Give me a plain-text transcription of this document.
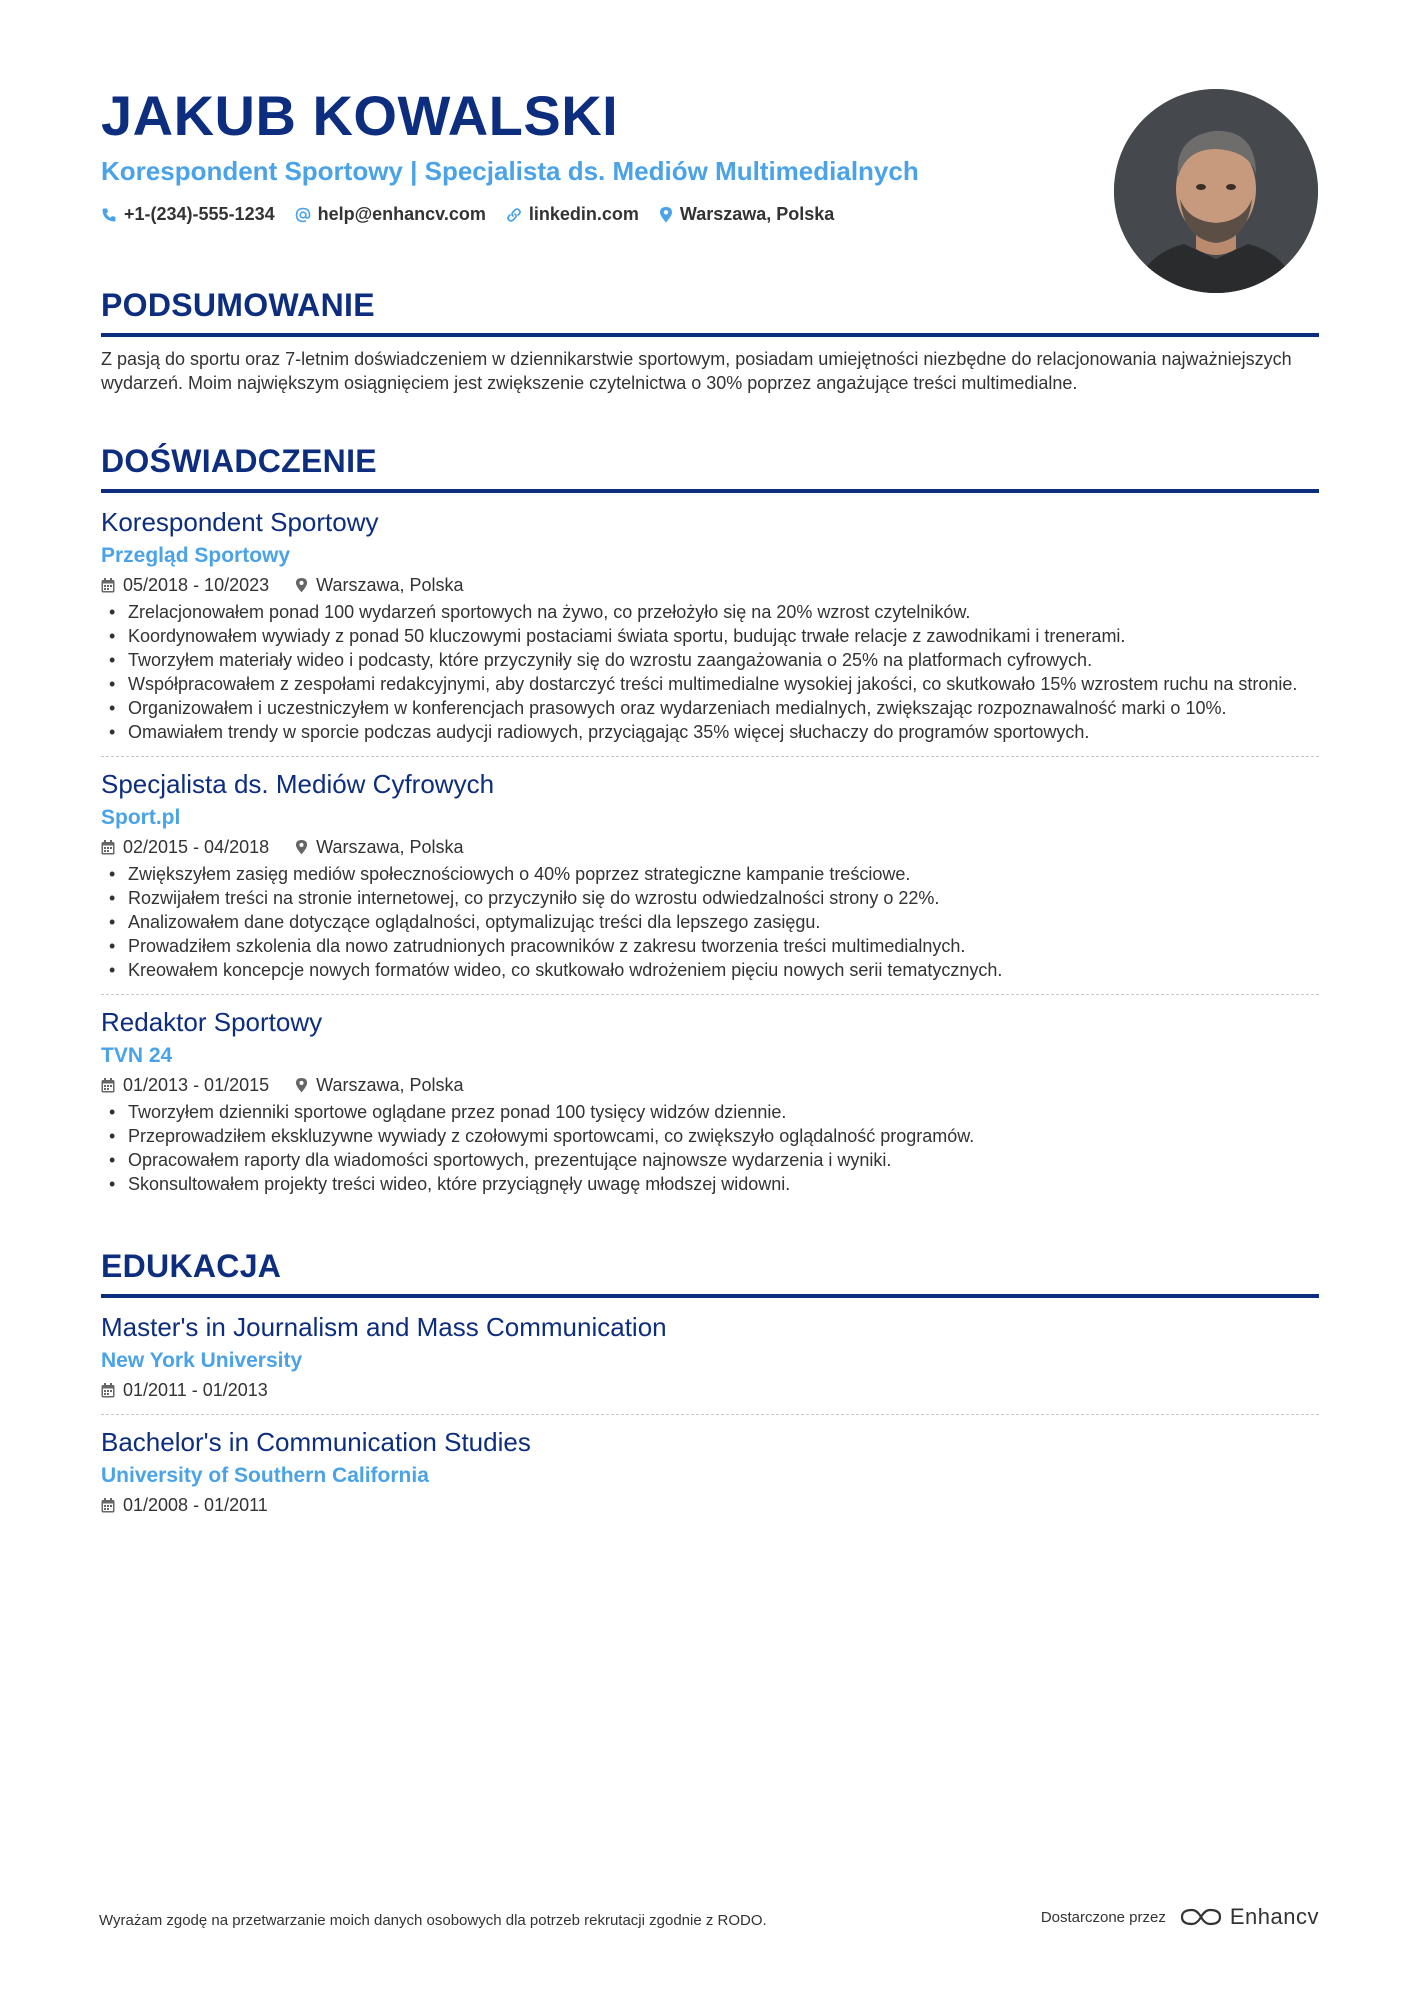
JAKUB KOWALSKI
Korespondent Sportowy | Specjalista ds. Mediów Multimedialnych
+1-(234)-555-1234 help@enhancv.com linkedin.com Warszawa, Polska
PODSUMOWANIE
Z pasją do sportu oraz 7-letnim doświadczeniem w dziennikarstwie sportowym, posiadam umiejętności niezbędne do relacjonowania najważniejszych wydarzeń. Moim największym osiągnięciem jest zwiększenie czytelnictwa o 30% poprzez angażujące treści multimedialne.
DOŚWIADCZENIE
Korespondent Sportowy
Przegląd Sportowy
05/2018 - 10/2023	Warszawa, Polska
• Zrelacjonowałem ponad 100 wydarzeń sportowych na żywo, co przełożyło się na 20% wzrost czytelników.
• Koordynowałem wywiady z ponad 50 kluczowymi postaciami świata sportu, budując trwałe relacje z zawodnikami i trenerami.
• Tworzyłem materiały wideo i podcasty, które przyczyniły się do wzrostu zaangażowania o 25% na platformach cyfrowych.
• Współpracowałem z zespołami redakcyjnymi, aby dostarczyć treści multimedialne wysokiej jakości, co skutkowało 15% wzrostem ruchu na stronie.
• Organizowałem i uczestniczyłem w konferencjach prasowych oraz wydarzeniach medialnych, zwiększając rozpoznawalność marki o 10%.
• Omawiałem trendy w sporcie podczas audycji radiowych, przyciągając 35% więcej słuchaczy do programów sportowych.
Specjalista ds. Mediów Cyfrowych
Sport.pl
02/2015 - 04/2018	Warszawa, Polska
• Zwiększyłem zasięg mediów społecznościowych o 40% poprzez strategiczne kampanie treściowe.
• Rozwijałem treści na stronie internetowej, co przyczyniło się do wzrostu odwiedzalności strony o 22%.
• Analizowałem dane dotyczące oglądalności, optymalizując treści dla lepszego zasięgu.
• Prowadziłem szkolenia dla nowo zatrudnionych pracowników z zakresu tworzenia treści multimedialnych.
• Kreowałem koncepcje nowych formatów wideo, co skutkowało wdrożeniem pięciu nowych serii tematycznych.
Redaktor Sportowy
TVN 24
01/2013 - 01/2015	Warszawa, Polska
• Tworzyłem dzienniki sportowe oglądane przez ponad 100 tysięcy widzów dziennie.
• Przeprowadziłem ekskluzywne wywiady z czołowymi sportowcami, co zwiększyło oglądalność programów.
• Opracowałem raporty dla wiadomości sportowych, prezentujące najnowsze wydarzenia i wyniki.
• Skonsultowałem projekty treści wideo, które przyciągnęły uwagę młodszej widowni.
EDUKACJA
Master's in Journalism and Mass Communication
New York University
01/2011 - 01/2013
Bachelor's in Communication Studies
University of Southern California
01/2008 - 01/2011
Wyrażam zgodę na przetwarzanie moich danych osobowych dla potrzeb rekrutacji zgodnie z RODO.	Dostarczone przez	Enhancv
